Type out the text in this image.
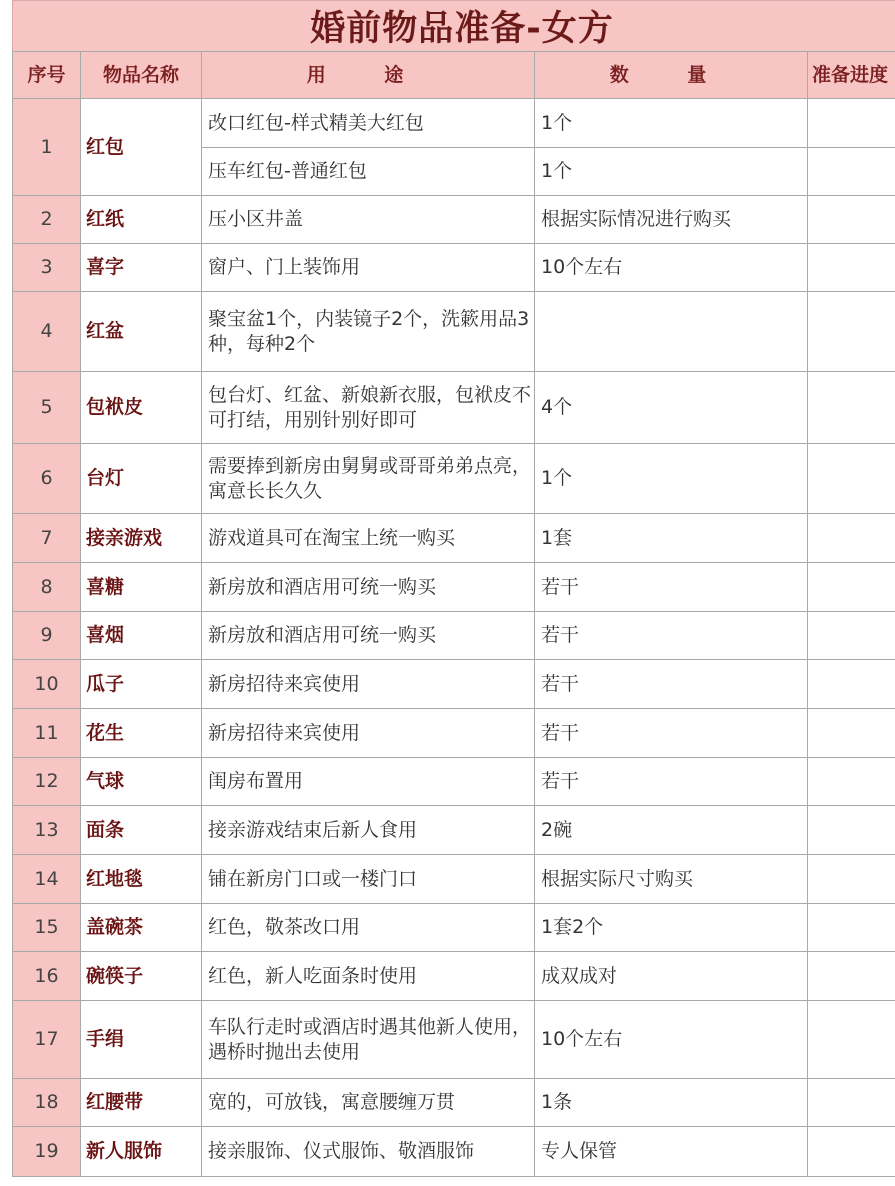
婚前物品准备-女方
序号	物品名称	用 途	数 量	准备进度
1	红包	改口红包-样式精美大红包	1个	
		压车红包-普通红包	1个	
2	红纸	压小区井盖	根据实际情况进行购买	
3	喜字	窗户、门上装饰用	10个左右	
4	红盆	聚宝盆1个，内装镜子2个，洗簌用品3种，每种2个		
5	包袱皮	包台灯、红盆、新娘新衣服，包袱皮不可打结，用别针别好即可	4个	
6	台灯	需要捧到新房由舅舅或哥哥弟弟点亮，寓意长长久久	1个	
7	接亲游戏	游戏道具可在淘宝上统一购买	1套	
8	喜糖	新房放和酒店用可统一购买	若干	
9	喜烟	新房放和酒店用可统一购买	若干	
10	瓜子	新房招待来宾使用	若干	
11	花生	新房招待来宾使用	若干	
12	气球	闺房布置用	若干	
13	面条	接亲游戏结束后新人食用	2碗	
14	红地毯	铺在新房门口或一楼门口	根据实际尺寸购买	
15	盖碗茶	红色，敬茶改口用	1套2个	
16	碗筷子	红色，新人吃面条时使用	成双成对	
17	手绢	车队行走时或酒店时遇其他新人使用，遇桥时抛出去使用	10个左右	
18	红腰带	宽的，可放钱，寓意腰缠万贯	1条	
19	新人服饰	接亲服饰、仪式服饰、敬酒服饰	专人保管	
